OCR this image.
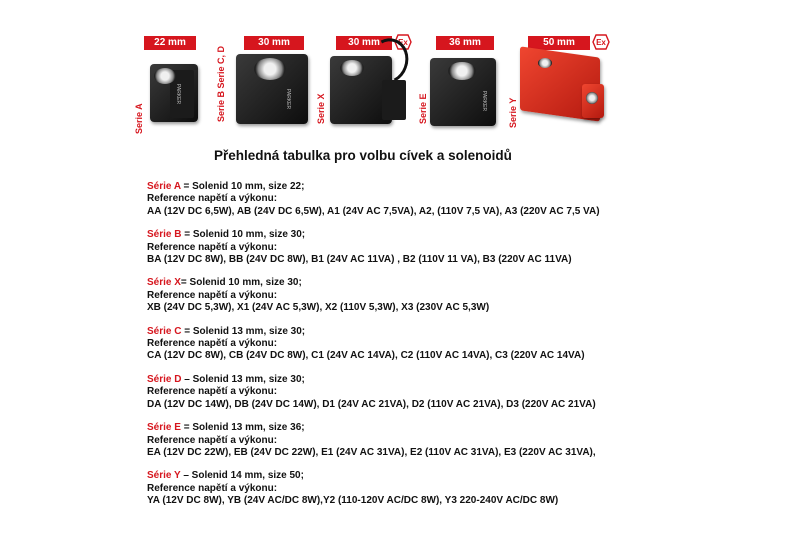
22 mm
Serie A
PARKER
30 mm
Serie B Serie C, D	PARKER
30 mm	Ex
Serie X
36 mm
Serie E	PARKER
50 mm	Ex
Serie Y
Přehledná tabulka pro volbu cívek a solenoidů

Série A = Solenid 10 mm, size 22;

Reference napětí a výkonu:

AA (12V DC 6,5W), AB (24V DC 6,5W), A1 (24V AC 7,5VA), A2, (110V 7,5 VA), A3 (220V AC 7,5 VA)

Série B = Solenid 10 mm, size 30;

Reference napětí a výkonu:

BA (12V DC 8W), BB (24V DC 8W), B1 (24V AC 11VA) , B2 (110V 11 VA), B3 (220V AC 11VA)

Série X= Solenid 10 mm, size 30;

Reference napětí a výkonu:

XB (24V DC 5,3W), X1 (24V AC 5,3W), X2 (110V 5,3W), X3 (230V AC 5,3W)

Série C = Solenid 13 mm, size 30;

Reference napětí a výkonu:

CA (12V DC 8W), CB (24V DC 8W), C1 (24V AC 14VA), C2 (110V AC 14VA), C3 (220V AC 14VA)

Série D – Solenid 13 mm, size 30;

Reference napětí a výkonu:

DA (12V DC 14W), DB (24V DC 14W), D1 (24V AC 21VA), D2 (110V AC 21VA), D3 (220V AC 21VA)

Série E = Solenid 13 mm, size 36;

Reference napětí a výkonu:

EA (12V DC 22W), EB (24V DC 22W), E1 (24V AC 31VA), E2 (110V AC 31VA), E3 (220V AC 31VA),

Série Y – Solenid 14 mm, size 50;

Reference napětí a výkonu:

YA (12V DC 8W), YB (24V AC/DC 8W),Y2 (110-120V AC/DC 8W), Y3 220-240V AC/DC 8W)
